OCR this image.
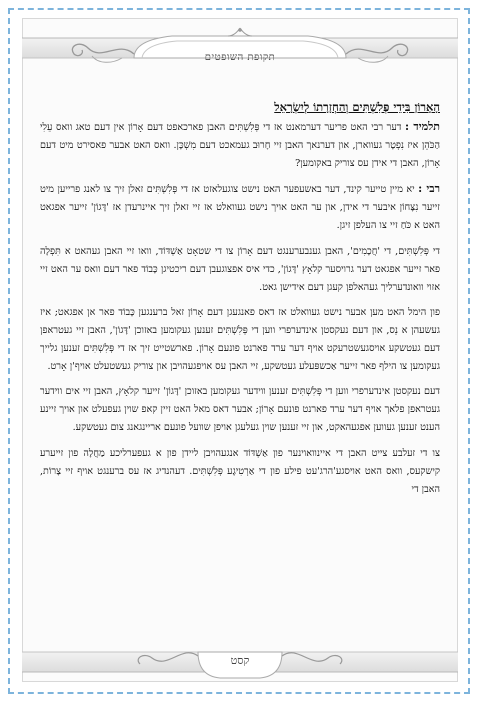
תקופת השופטים
הָאָרוֹן בִּידֵי פְּלִשְׁתִּים וְהַחְזָרָתוֹ לְיִשְׂרָאֵל

תלמיד : דער רבי האט פריער דערמאנט אז די פְּלִשְׁתִּים האבן פארכאפט דעם אָרוֹן אין דעם טאג וואס עֵלִי הַכֹּהֵן איז נִפְטָר געווארן, און דערנאך האבן זיי חָרוּב געמאכט דעם מִשְׁכָּן. וואס האט אבער פאסירט מיט דעם אָרוֹן, האבן די אידן עס צוריק באקומען?

רבי : יא מיין טייער קינד, דער באשעפער האט נישט צוגעלאזט אז די פְּלִשְׁתִּים זאלן זיך צו לאנג פרייען מיט זייער נִצָּחוֹן איבער די אידן, און ער האט אויך נישט געוואלט אז זיי זאלן זיך איינרעדן אז 'דָּגוֹן' זייער אפגאט האט א כֹּחַ זיי צו העלפן זיגן.

די פְּלִשְׁתִּים, די 'חֲכָמִים', האבן גענבערענגט דעם אָרוֹן צו די שטאָט אַשְׁדּוֹד, וואו זיי האבן געהאט א תִּפְלָה פאר זייער אפגאט דער גרויסער קלאָץ 'דָּגוֹן', כדי איס אפצוגעבן דעם ריכטיגן כָּבוֹד פאר דעם וואס ער האט זיי אזוי וואונדערליך געהאלפן קעגן דעם אידישן גאט.

פון הימל האט מען אבער נישט געוואלט אז דאס פאנגעגן דעם אָרוֹן זאל ברענגען כָּבוֹד פאר אן אפגאט; איז געשעהן א נֵס, און דעם נעקסטן אינדערפרי ווען די פְּלִשְׁתִּים זענען געקומען באזוכן 'דָּגוֹן', האבן זיי געטראפן דעם געטשקע אויסגעשטרעקט אויף דער ערד פארנט פונעם אָרוֹן. פארשטייט זיך אז די פְּלִשְׁתִּים זענען גלייך געקומען צו הילף פאר זייער אַכשפּעלע געטשקע, זיי האבן עס אויפגעהויבן און צוריק געשטעלט אויף'ן אָרט.

דעם נעקסטן אינדערפרי ווען די פְּלִשְׁתִּים זענען ווידער געקומען באזוכן 'דָּגוֹן' זייער קלאָץ, האבן זיי אים ווידער געטראפן פלאך אויף דער ערד פארנט פונעם אָרוֹן; אבער דאס מאל האט זיין קאפ שוין געפעלט און אויך זיינע הענט זענען געווען אפגעהאקט, און זיי זענען שוין געלעגן אויפן שוועל פונעם אריינגאנג צום געטשקע.

צו די זעלבע צייט האבן די איינוואוינער פון אַשְׁדּוֹד אנגעהויבן ליידן פון א געפערליכע מַחֲלָה פון זייערע קישקעס, וואס האט אויסגע'הרג'עט פילע פון די אַרְטִיגֶע פְּלִשְׁתִּים. דעהנדיג אז עס ברענגט אויף זיי צָרוֹת, האבן די

קסט
